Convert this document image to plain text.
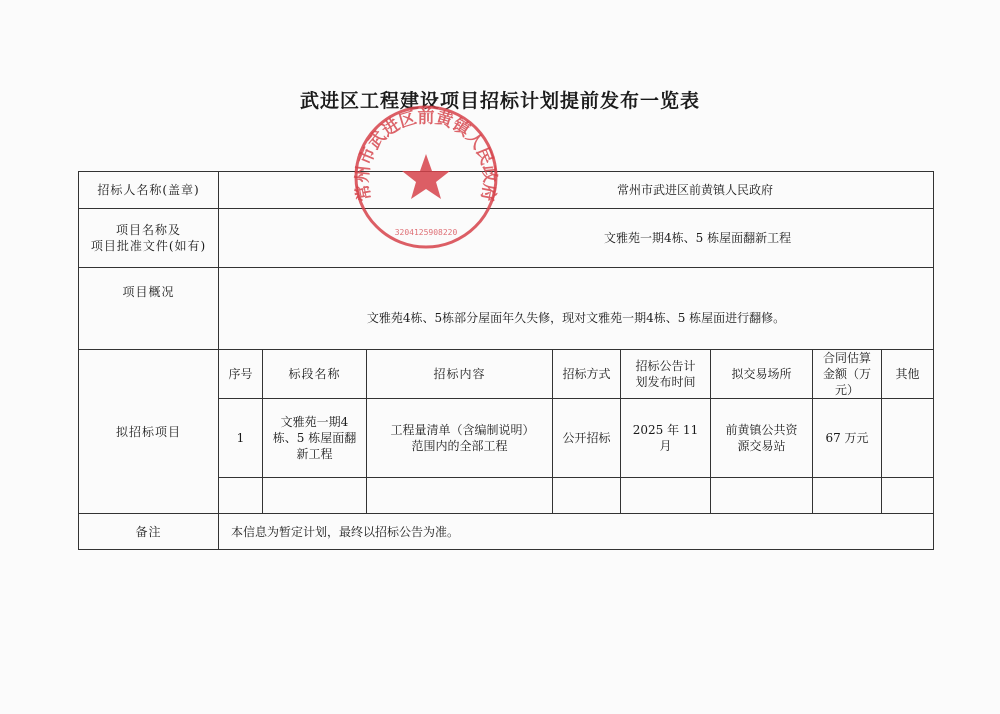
武进区工程建设项目招标计划提前发布一览表
招标人名称(盖章)	常州市武进区前黄镇人民政府							
项目名称及
项目批准文件(如有)	文雅苑一期4栋、5 栋屋面翻新工程							
项目概况	文雅苑4栋、5栋部分屋面年久失修，现对文雅苑一期4栋、5 栋屋面进行翻修。							
拟招标项目	序号	标段名称	招标内容	招标方式	招标公告计划发布时间	拟交易场所	合同估算金额（万元）	其他
	1	文雅苑一期4栋、5 栋屋面翻新工程	工程量清单（含编制说明）范围内的全部工程	公开招标	2025 年 11 月	前黄镇公共资源交易站	67 万元	

备注	本信息为暂定计划，最终以招标公告为准。							
常州市武进区前黄镇人民政府
3204125908220
